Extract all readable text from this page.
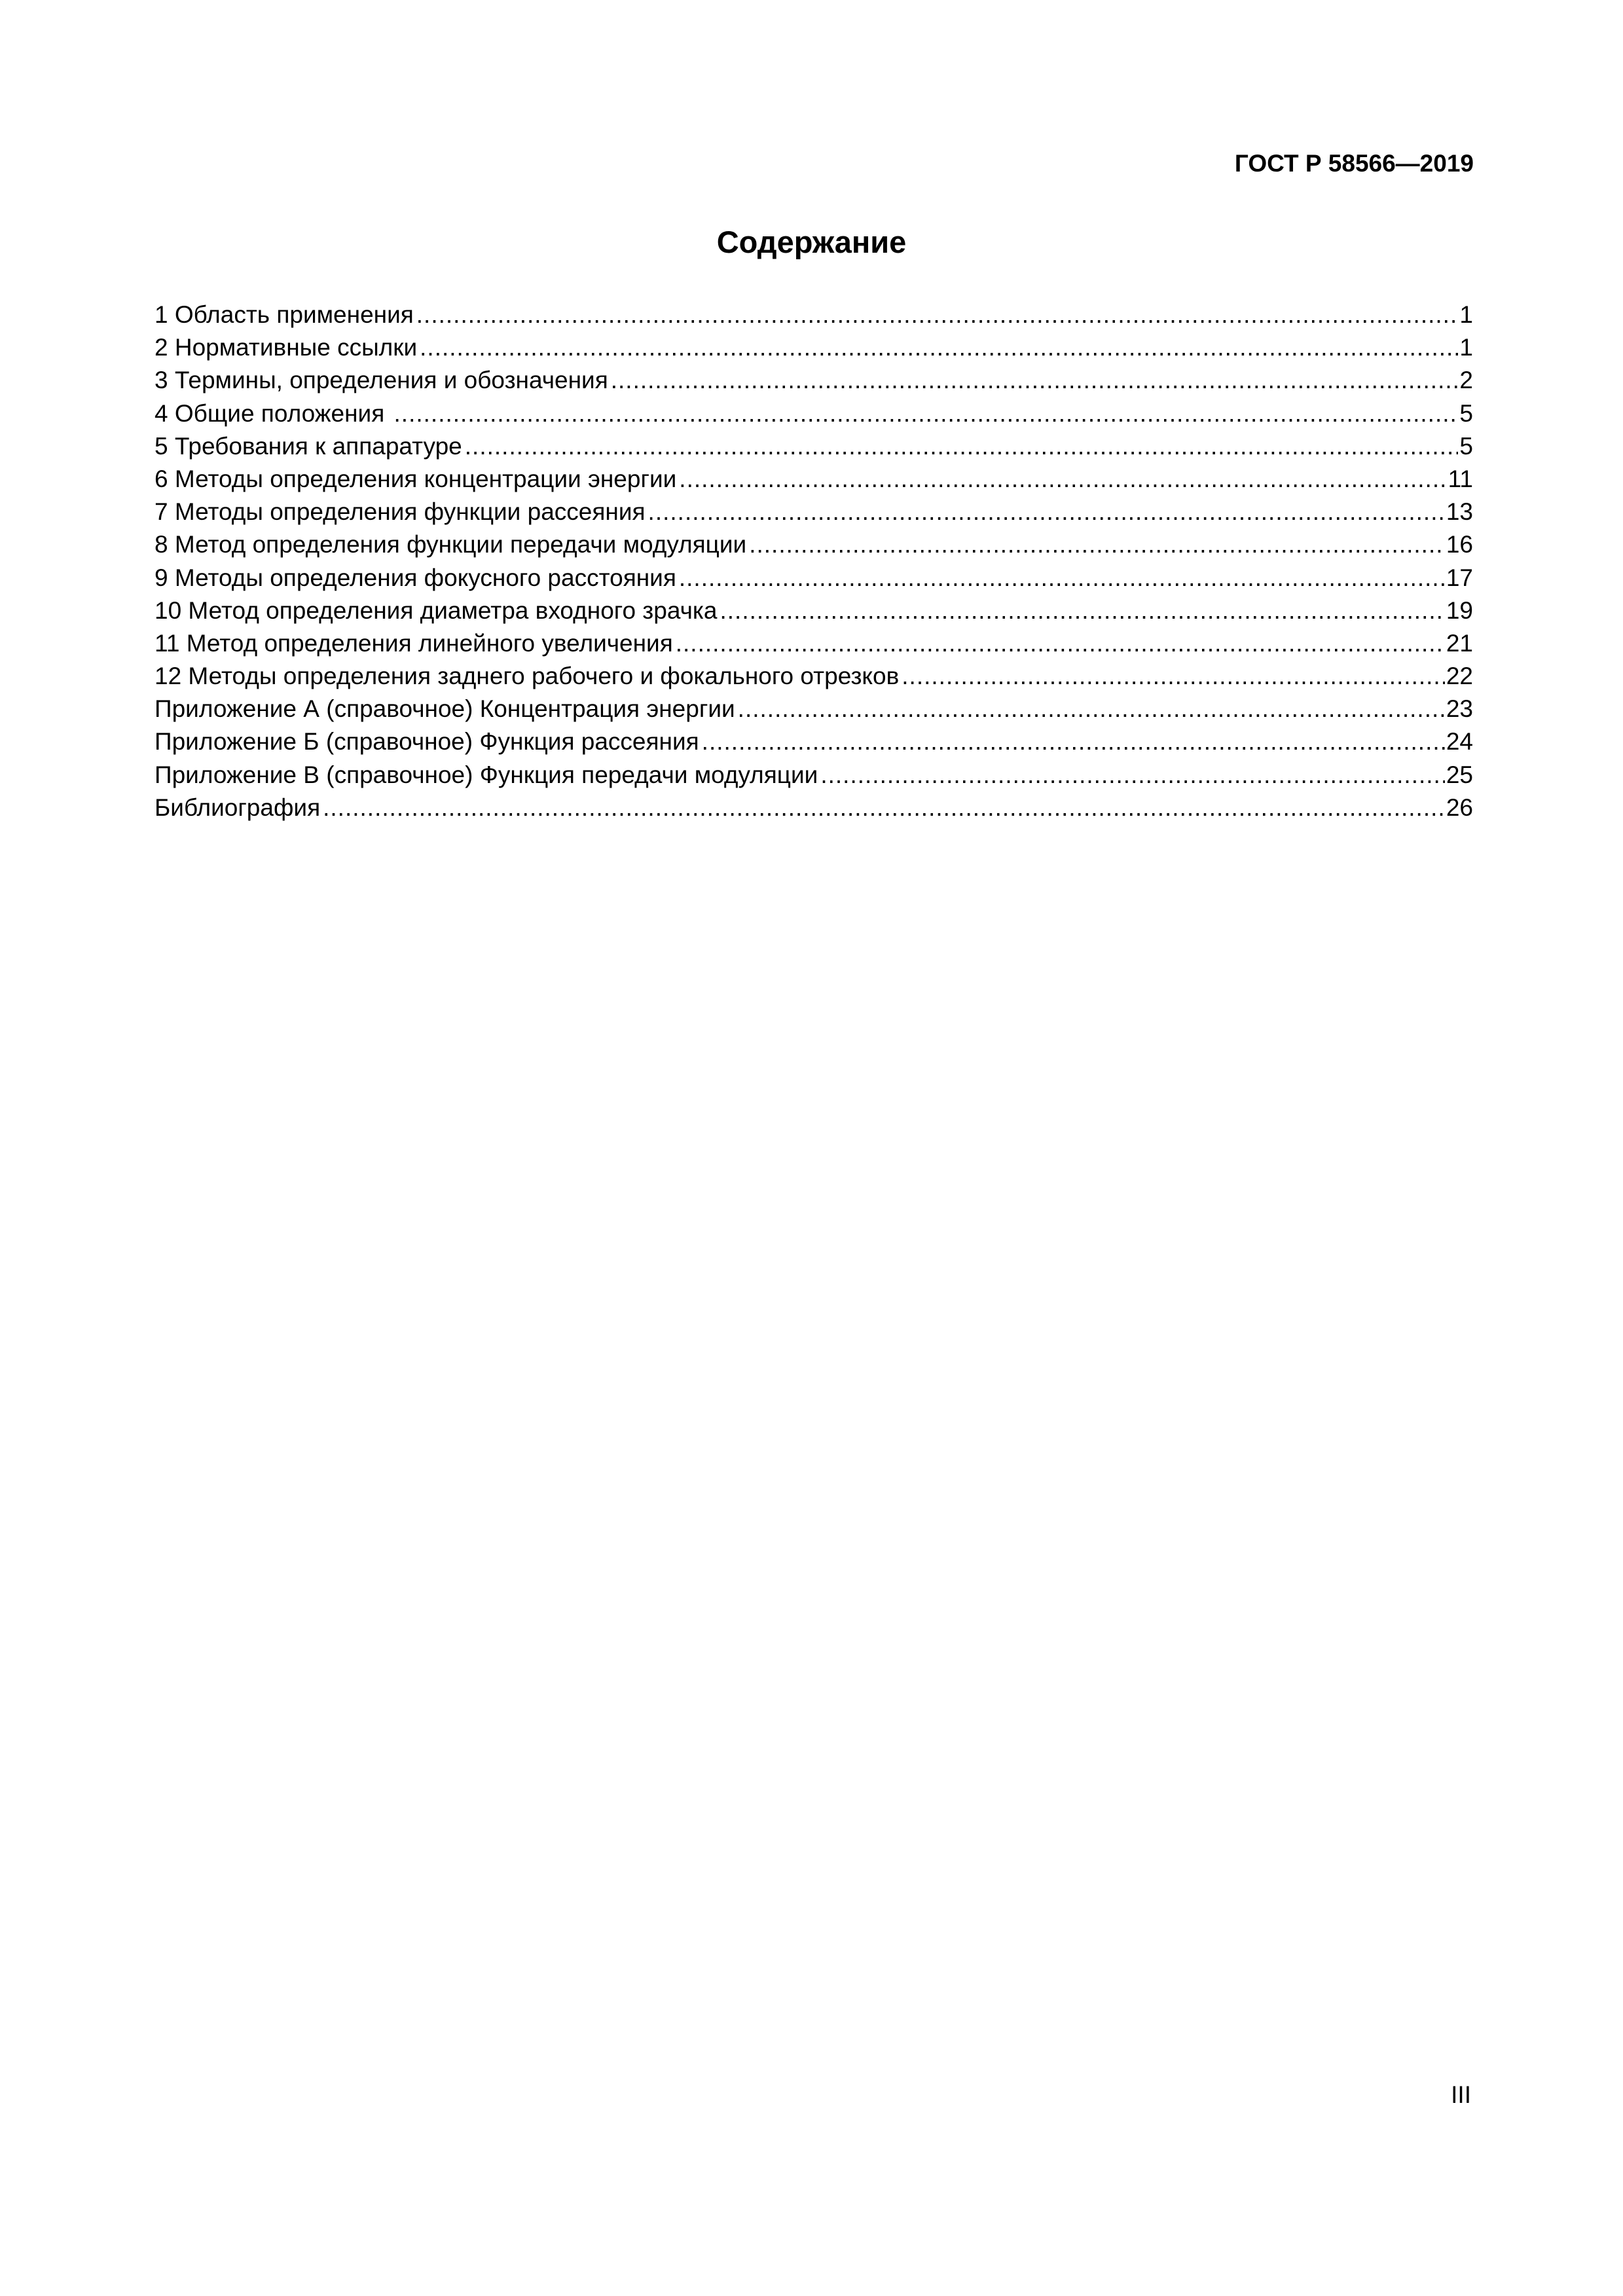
ГОСТ Р 58566—2019
Содержание
1 Область применения .....	1
2 Нормативные ссылки .....	1
3 Термины, определения и обозначения .....	2
4 Общие положения .....	5
5 Требования к аппаратуре .....	5
6 Методы определения концентрации энергии .....	11
7 Методы определения функции рассеяния .....	13
8 Метод определения функции передачи модуляции .....	16
9 Методы определения фокусного расстояния .....	17
10 Метод определения диаметра входного зрачка .....	19
11 Метод определения линейного увеличения .....	21
12 Методы определения заднего рабочего и фокального отрезков .....	22
Приложение А (справочное) Концентрация энергии .....	23
Приложение Б (справочное) Функция рассеяния .....	24
Приложение В (справочное) Функция передачи модуляции .....	25
Библиография .....	26
III
